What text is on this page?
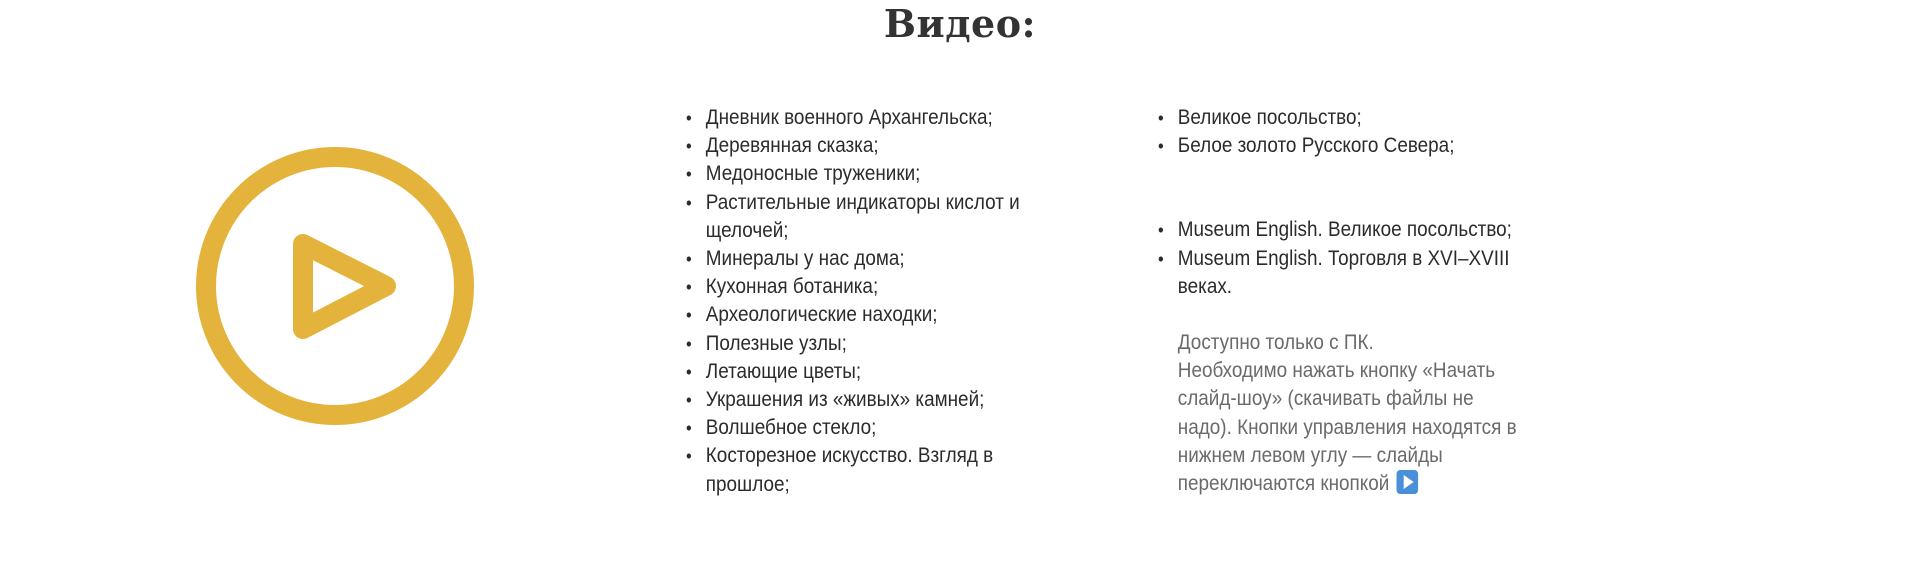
Видео:
• Дневник военного Архангельска;
• Деревянная сказка;
• Медоносные труженики;
• Растительные индикаторы кислот и щелочей;
• Минералы у нас дома;
• Кухонная ботаника;
• Археологические находки;
• Полезные узлы;
• Летающие цветы;
• Украшения из «живых» камней;
• Волшебное стекло;
• Косторезное искусство. Взгляд в прошлое;
• Великое посольство;
• Белое золото Русского Севера;
• Museum English. Великое посольство;
• Museum English. Торговля в XVI–XVIII веках.

Доступно только с ПК.

Необходимо нажать кнопку «Начать слайд-шоу» (скачивать файлы не надо). Кнопки управления находятся в нижнем левом углу — слайды переключаются кнопкой
